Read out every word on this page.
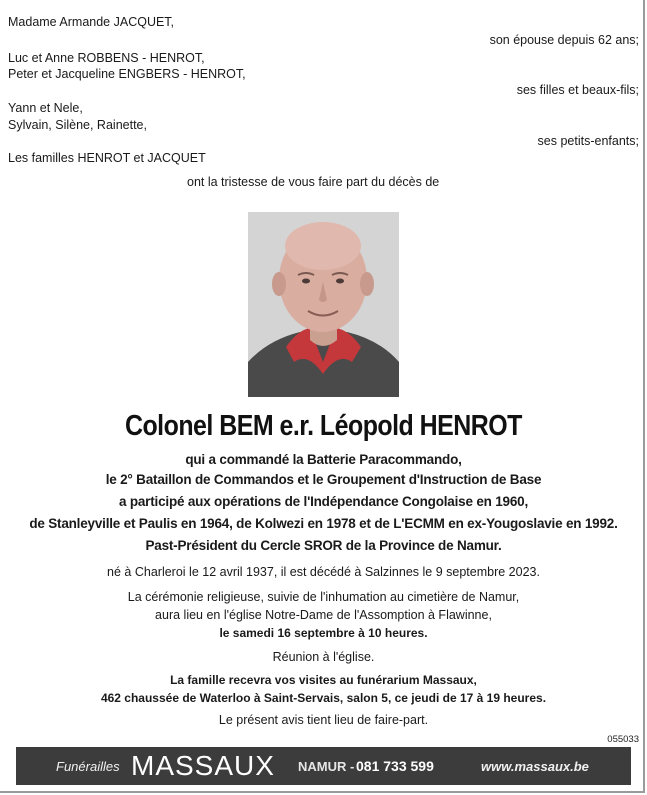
Madame Armande JACQUET,
son épouse depuis 62 ans;
Luc et Anne ROBBENS - HENROT,
Peter et Jacqueline ENGBERS - HENROT,
ses filles et beaux-fils;
Yann et Nele,
Sylvain, Silène, Rainette,
ses petits-enfants;
Les familles HENROT et JACQUET
ont la tristesse de vous faire part du décès de
Colonel BEM e.r. Léopold HENROT
qui a commandé la Batterie Paracommando,
le 2° Bataillon de Commandos et le Groupement d'Instruction de Base
a participé aux opérations de l'Indépendance Congolaise en 1960,
de Stanleyville et Paulis en 1964, de Kolwezi en 1978 et de L'ECMM en ex-Yougoslavie en 1992.
Past-Président du Cercle SROR de la Province de Namur.
né à Charleroi le 12 avril 1937, il est décédé à Salzinnes le 9 septembre 2023.
La cérémonie religieuse, suivie de l'inhumation au cimetière de Namur,
aura lieu en l'église Notre-Dame de l'Assomption à Flawinne,
le samedi 16 septembre à 10 heures.
Réunion à l'église.
La famille recevra vos visites au funérarium Massaux,
462 chaussée de Waterloo à Saint-Servais, salon 5, ce jeudi de 17 à 19 heures.
Le présent avis tient lieu de faire-part.
055033
Funérailles MASSAUX NAMUR - 081 733 599	www.massaux.be
